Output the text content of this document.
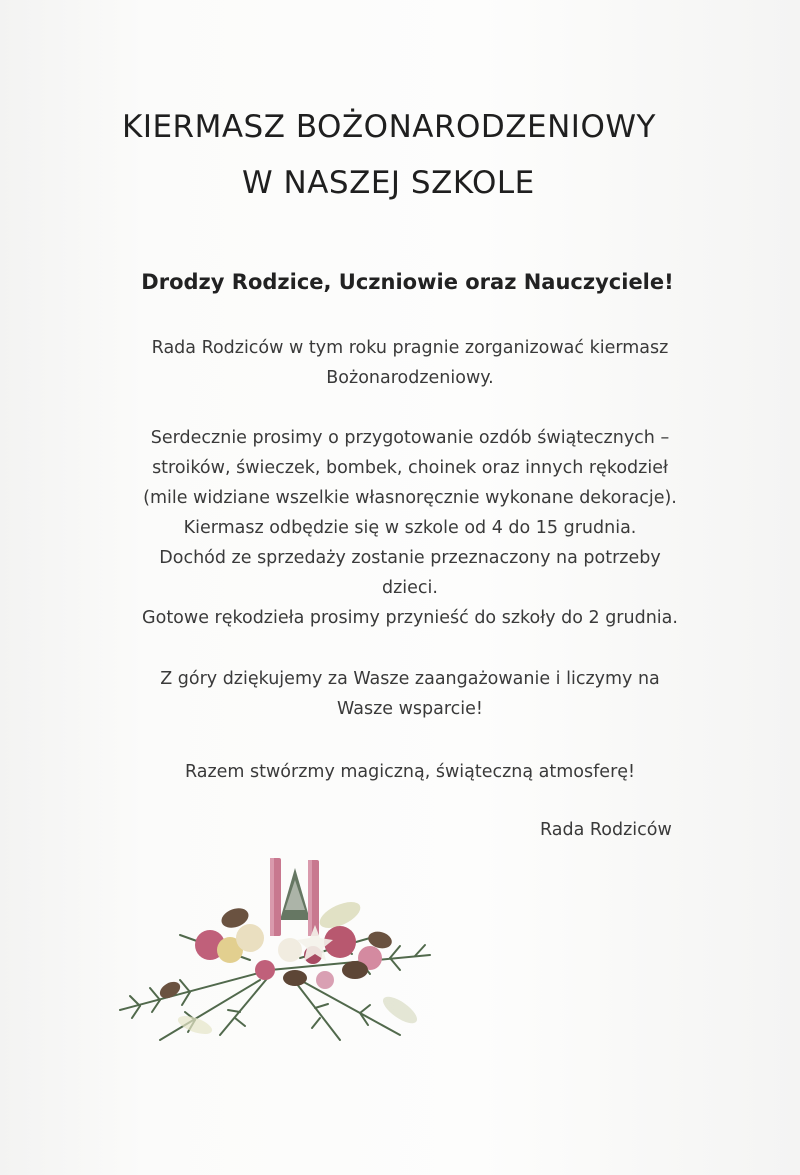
KIERMASZ BOŻONARODZENIOWY
W NASZEJ SZKOLE
Drodzy Rodzice, Uczniowie oraz Nauczyciele!
Rada Rodziców w tym roku pragnie zorganizować kiermasz
Bożonarodzeniowy.
Serdecznie prosimy o przygotowanie ozdób świątecznych –
stroików, świeczek, bombek, choinek oraz innych rękodzieł
(mile widziane wszelkie własnoręcznie wykonane dekoracje).
Kiermasz odbędzie się w szkole od 4 do 15 grudnia.
Dochód ze sprzedaży zostanie przeznaczony na potrzeby
dzieci.
Gotowe rękodzieła prosimy przynieść do szkoły do 2 grudnia.
Z góry dziękujemy za Wasze zaangażowanie i liczymy na
Wasze wsparcie!
Razem stwórzmy magiczną, świąteczną atmosferę!
Rada Rodziców
